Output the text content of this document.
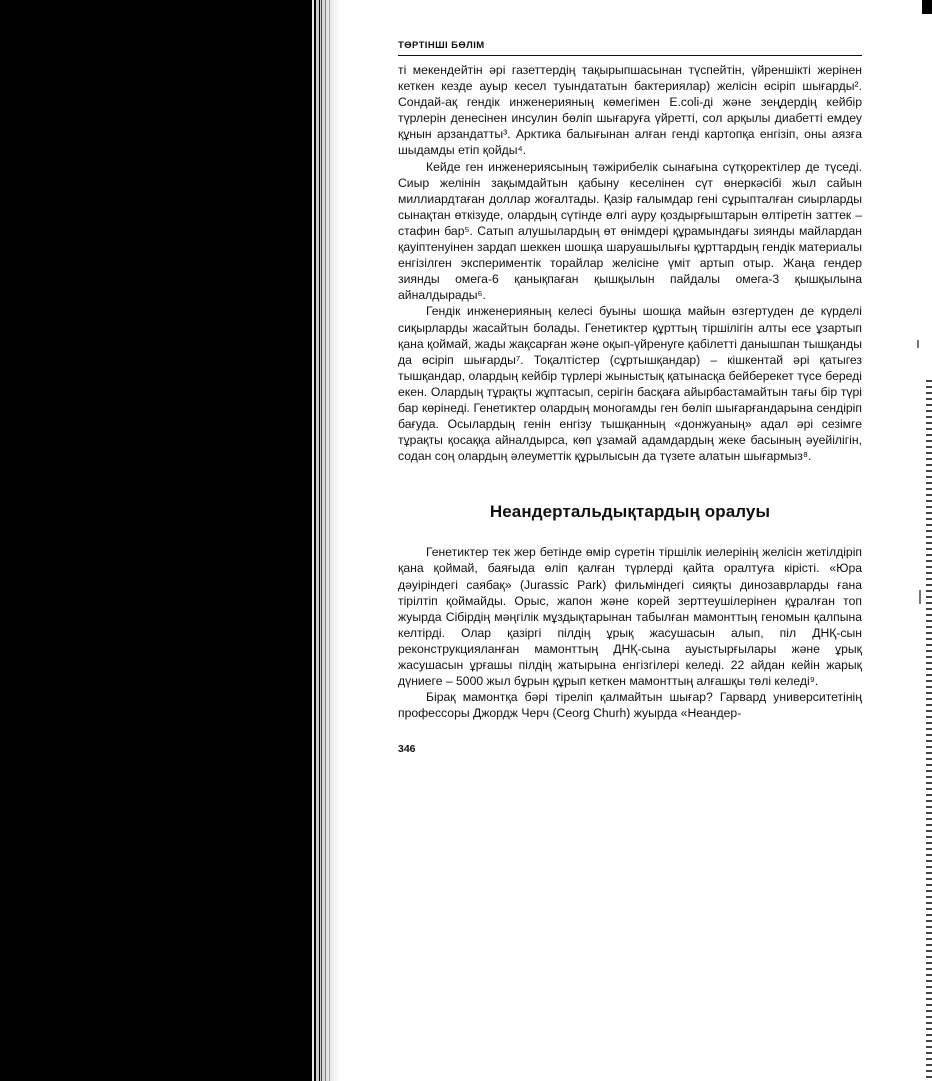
ТӨРТІНШІ БӨЛІМ

ті мекендейтін әрі газеттердің тақырыпшасынан түспейтін, үйреншікті жерінен кеткен кезде ауыр кесел туындататын бактериялар) желісін өсіріп шығарды². Сондай-ақ гендік инженерияның көмегімен E.coli-ді және зеңдердің кейбір түрлерін денесінен инсулин бөліп шығаруға үйретті, сол арқылы диабетті емдеу құнын арзандатты³. Арктика балығынан алған генді картопқа енгізіп, оны аязға шыдамды етіп қойды⁴.

Кейде ген инженериясының тәжірибелік сынағына сүтқоректілер де түседі. Сиыр желінін зақымдайтын қабыну кеселінен сүт өнеркәсібі жыл сайын миллиардтаған доллар жоғалтады. Қазір ғалымдар гені сұрыпталған сиырларды сынақтан өткізуде, олардың сүтінде өлгі ауру қоздырғыштарын өлтіретін заттек – стафин бар⁵. Сатып алушылардың өт өнімдері құрамындағы зиянды майлардан қауіптенуінен зардап шеккен шошқа шаруашылығы құрттардың гендік материалы енгізілген экспериментік торайлар желісіне үміт артып отыр. Жаңа гендер зиянды омега-6 қанықпаған қышқылын пайдалы омега-3 қышқылына айналдырады⁶.

Гендік инженерияның келесі буыны шошқа майын өзгертуден де күрделі сиқырларды жасайтын болады. Генетиктер құрттың тіршілігін алты есе ұзартып қана қоймай, жады жақсарған және оқып-үйренуге қабілетті данышпан тышқанды да өсіріп шығарды⁷. Тоқалтістер (сұртышқандар) – кішкентай әрі қатыгез тышқандар, олардың кейбір түрлері жыныстық қатынасқа бейберекет түсе береді екен. Олардың тұрақты жұптасып, серігін басқаға айырбастамайтын тағы бір түрі бар көрінеді. Генетиктер олардың моногамды ген бөліп шығарғандарына сендіріп бағуда. Осылардың генін енгізу тышқанның «донжуаның» адал әрі сезімге тұрақты қосаққа айналдырса, көп ұзамай адамдардың жеке басының әуейілігін, содан соң олардың әлеуметтік құрылысын да түзете алатын шығармыз⁸.

Неандертальдықтардың оралуы

Генетиктер тек жер бетінде өмір сүретін тіршілік иелерінің желісін жетілдіріп қана қоймай, баяғыда өліп қалған түрлерді қайта оралтуға кірісті. «Юра дәуіріндегі саябақ» (Jurassic Park) фильміндегі сияқты динозаврларды ғана тірілтіп қоймайды. Орыс, жапон және корей зерттеушілерінен құралған топ жуырда Сібірдің мәңгілік мұздықтарынан табылған мамонттың геномын қалпына келтірді. Олар қазіргі пілдің ұрық жасушасын алып, піл ДНҚ-сын реконструкцияланған мамонттың ДНҚ-сына ауыстырғылары және ұрық жасушасын ұрғашы пілдің жатырына енгізгілері келеді. 22 айдан кейін жарық дүниеге – 5000 жыл бұрын құрып кеткен мамонттың алғашқы төлі келеді⁹.

Бірақ мамонтқа бәрі тіреліп қалмайтын шығар? Гарвард университетінің профессоры Джордж Черч (Ceorg Churh) жуырда «Неандер-

346
